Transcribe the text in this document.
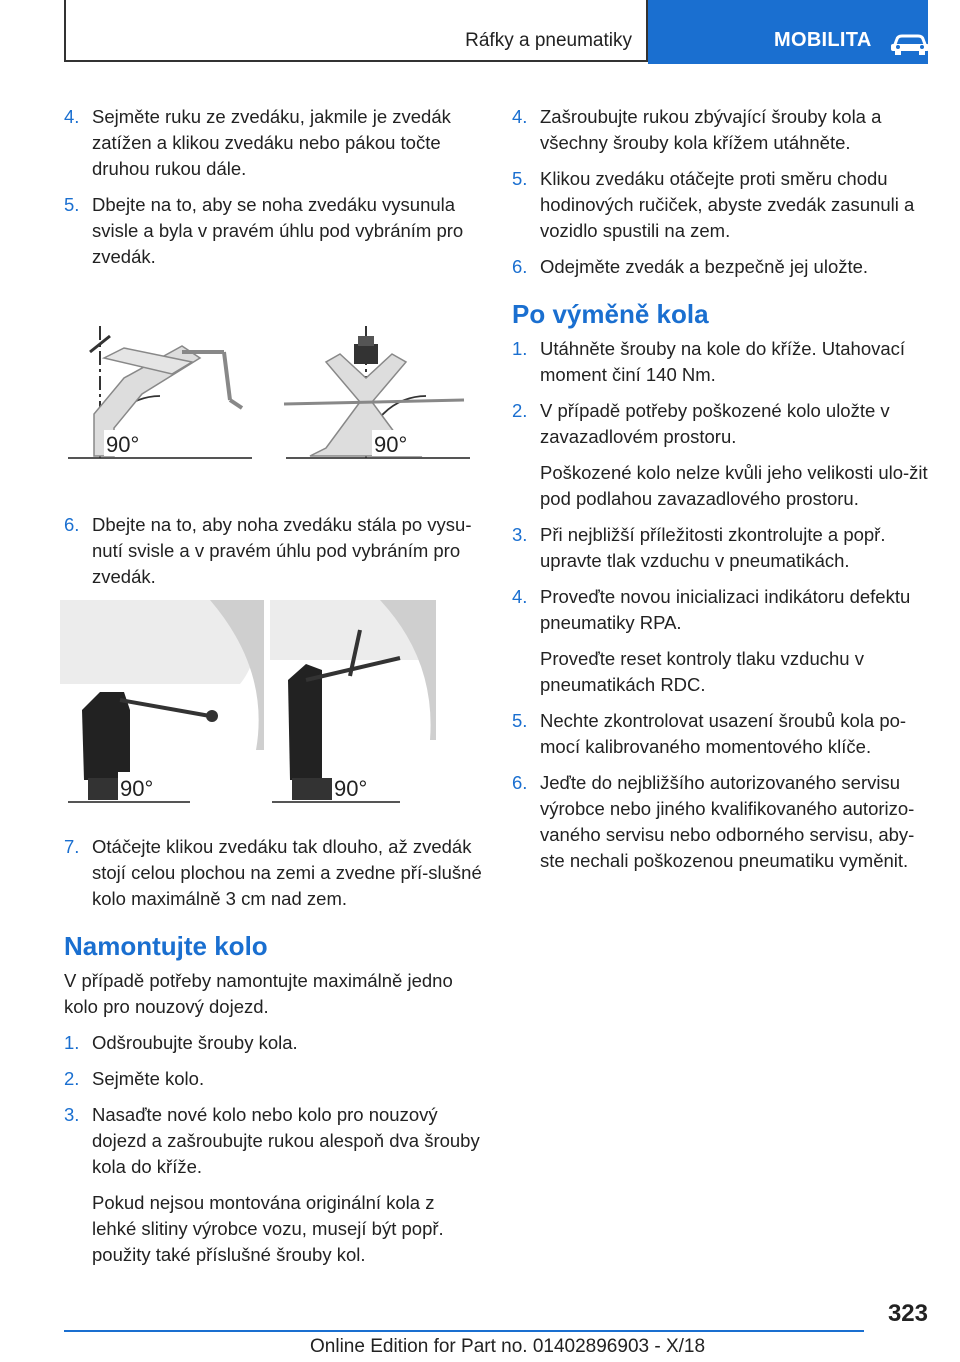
Ráfky a pneumatiky	MOBILITA
4. Sejměte ruku ze zvedáku, jakmile je zvedák zatížen a klikou zvedáku nebo pákou točte druhou rukou dále.
5. Dbejte na to, aby se noha zvedáku vysunula svisle a byla v pravém úhlu pod vybráním pro zvedák.
90°	90°
6. Dbejte na to, aby noha zvedáku stála po vysu‐nutí svisle a v pravém úhlu pod vybráním pro zvedák.
90°	90°
7. Otáčejte klikou zvedáku tak dlouho, až zvedák stojí celou plochou na zemi a zvedne pří‐slušné kolo maximálně 3 cm nad zem.
Namontujte kolo
V případě potřeby namontujte maximálně jedno kolo pro nouzový dojezd.
1. Odšroubujte šrouby kola.
2. Sejměte kolo.
3. Nasaďte nové kolo nebo kolo pro nouzový dojezd a zašroubujte rukou alespoň dva šrouby kola do kříže.
Pokud nejsou montována originální kola z lehké slitiny výrobce vozu, musejí být popř. použity také příslušné šrouby kol.
4. Zašroubujte rukou zbývající šrouby kola a všechny šrouby kola křížem utáhněte.
5. Klikou zvedáku otáčejte proti směru chodu hodinových ručiček, abyste zvedák zasunuli a vozidlo spustili na zem.
6. Odejměte zvedák a bezpečně jej uložte.
Po výměně kola
1. Utáhněte šrouby na kole do kříže. Utahovací moment činí 140 Nm.
2. V případě potřeby poškozené kolo uložte v zavazadlovém prostoru.
Poškozené kolo nelze kvůli jeho velikosti ulo‐žit pod podlahou zavazadlového prostoru.
3. Při nejbližší příležitosti zkontrolujte a popř. upravte tlak vzduchu v pneumatikách.
4. Proveďte novou inicializaci indikátoru defektu pneumatiky RPA.
Proveďte reset kontroly tlaku vzduchu v pneumatikách RDC.
5. Nechte zkontrolovat usazení šroubů kola po‐mocí kalibrovaného momentového klíče.
6. Jeďte do nejbližšího autorizovaného servisu výrobce nebo jiného kvalifikovaného autorizo‐vaného servisu nebo odborného servisu, aby‐ste nechali poškozenou pneumatiku vyměnit.
323
Online Edition for Part no. 01402896903 - X/18
